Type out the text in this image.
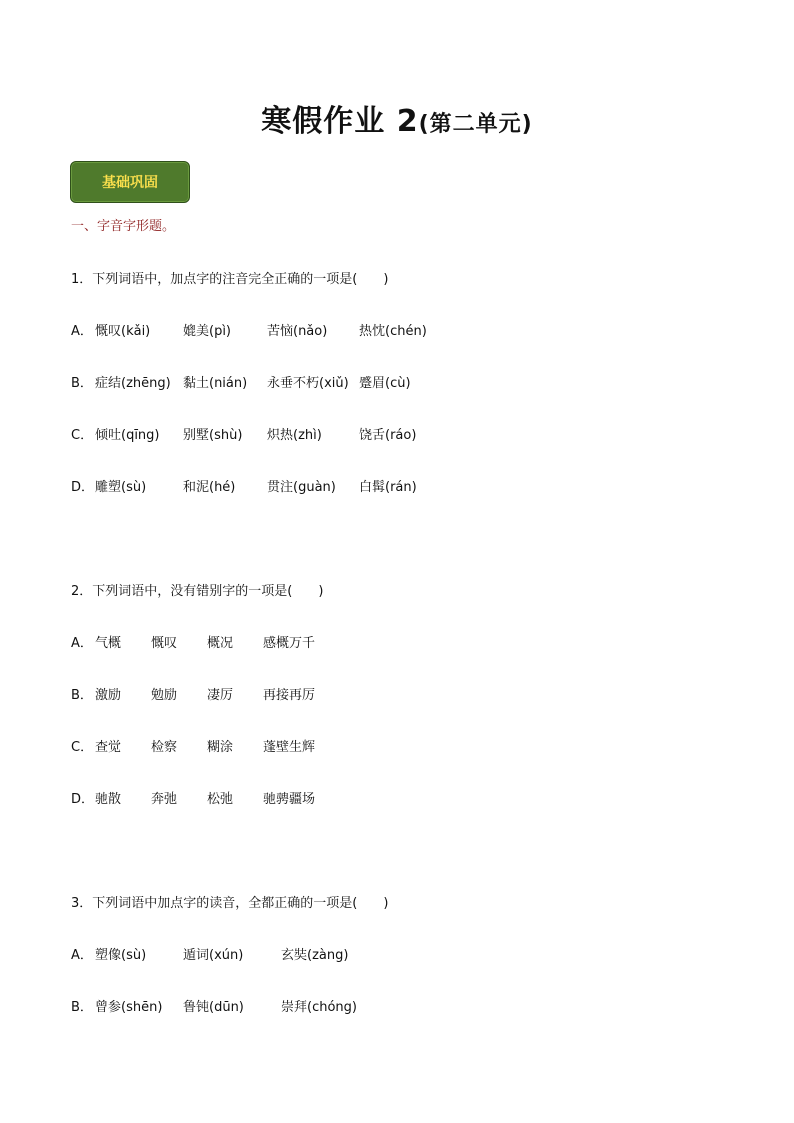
寒假作业 2(第二单元)
基础巩固
一、字音字形题。
1．下列词语中，加点字的注音完全正确的一项是(　　)
A． 慨叹(kǎi)	媲美(pì)	苦恼(nǎo) 热忱(chén)
B． 症结(zhēng) 黏土(nián) 永垂不朽(xiǔ) 蹙眉(cù)
C． 倾吐(qīng) 别墅(shù) 炽热(zhì)	饶舌(ráo)
D． 雕塑(sù)	和泥(hé) 贯注(guàn) 白髯(rán)
2．下列词语中，没有错别字的一项是(　　)
A． 气概 慨叹 概况 感概万千
B． 激励 勉励 凄厉 再接再厉
C． 查觉 检察 糊涂 蓬壁生辉
D． 驰散 奔弛 松弛 驰骋疆场
3．下列词语中加点字的读音，全都正确的一项是(　　)
A． 塑像(sù)	遁词(xún)	玄奘(zàng)
B． 曾参(shēn) 鲁钝(dūn)	崇拜(chóng)
